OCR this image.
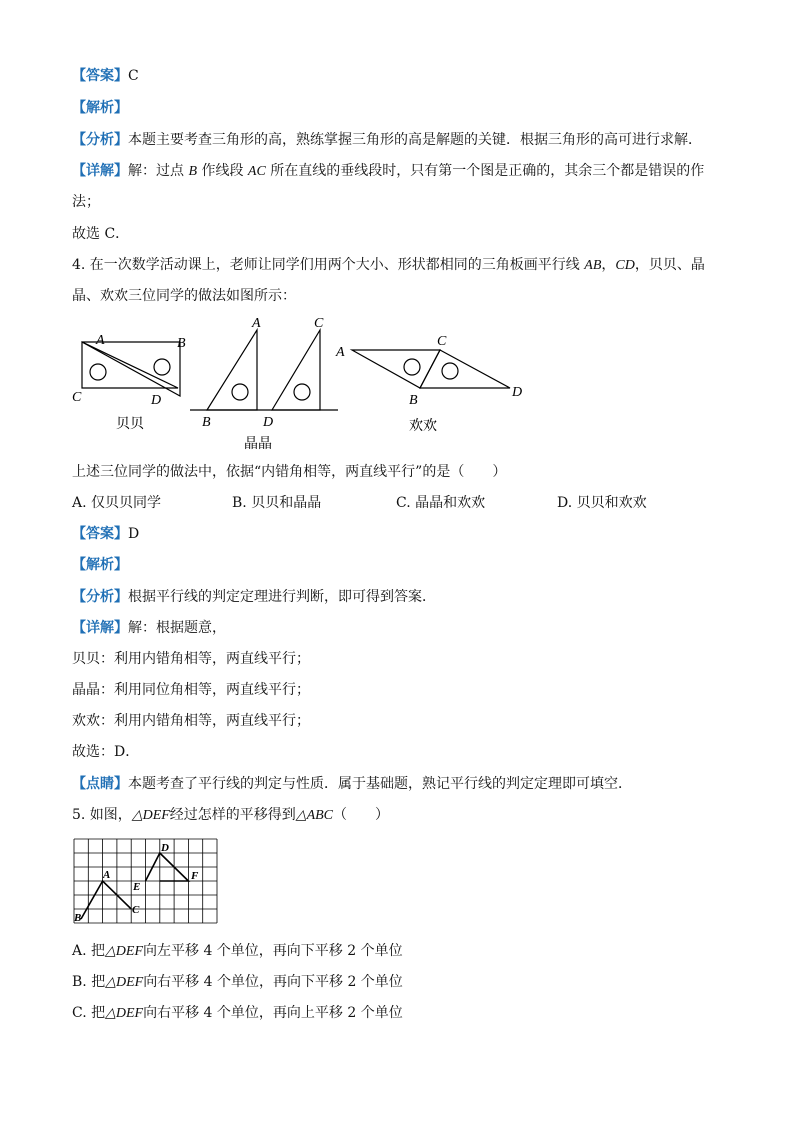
【答案】C
【解析】
【分析】本题主要考查三角形的高，熟练掌握三角形的高是解题的关键．根据三角形的高可进行求解．
【详解】解：过点 B 作线段 AC 所在直线的垂线段时，只有第一个图是正确的，其余三个都是错误的作
法；
故选 C．
4. 在一次数学活动课上，老师让同学们用两个大小、形状都相同的三角板画平行线 AB，CD，贝贝、晶
晶、欢欢三位同学的做法如图所示：
A	B
C	D
贝贝
A	C
B	D
晶晶
A
C
B
D
欢欢
上述三位同学的做法中，依据“内错角相等，两直线平行”的是（　　）
A. 仅贝贝同学	B. 贝贝和晶晶	C. 晶晶和欢欢	D. 贝贝和欢欢
【答案】D
【解析】
【分析】根据平行线的判定定理进行判断，即可得到答案．
【详解】解：根据题意，
贝贝：利用内错角相等，两直线平行；
晶晶：利用同位角相等，两直线平行；
欢欢：利用内错角相等，两直线平行；
故选：D．
【点睛】本题考查了平行线的判定与性质．属于基础题，熟记平行线的判定定理即可填空．
5. 如图，△DEF经过怎样的平移得到△ABC（　　）
A
B
C
D
E
F
A. 把△DEF向左平移 4 个单位，再向下平移 2 个单位
B. 把△DEF向右平移 4 个单位，再向下平移 2 个单位
C. 把△DEF向右平移 4 个单位，再向上平移 2 个单位
